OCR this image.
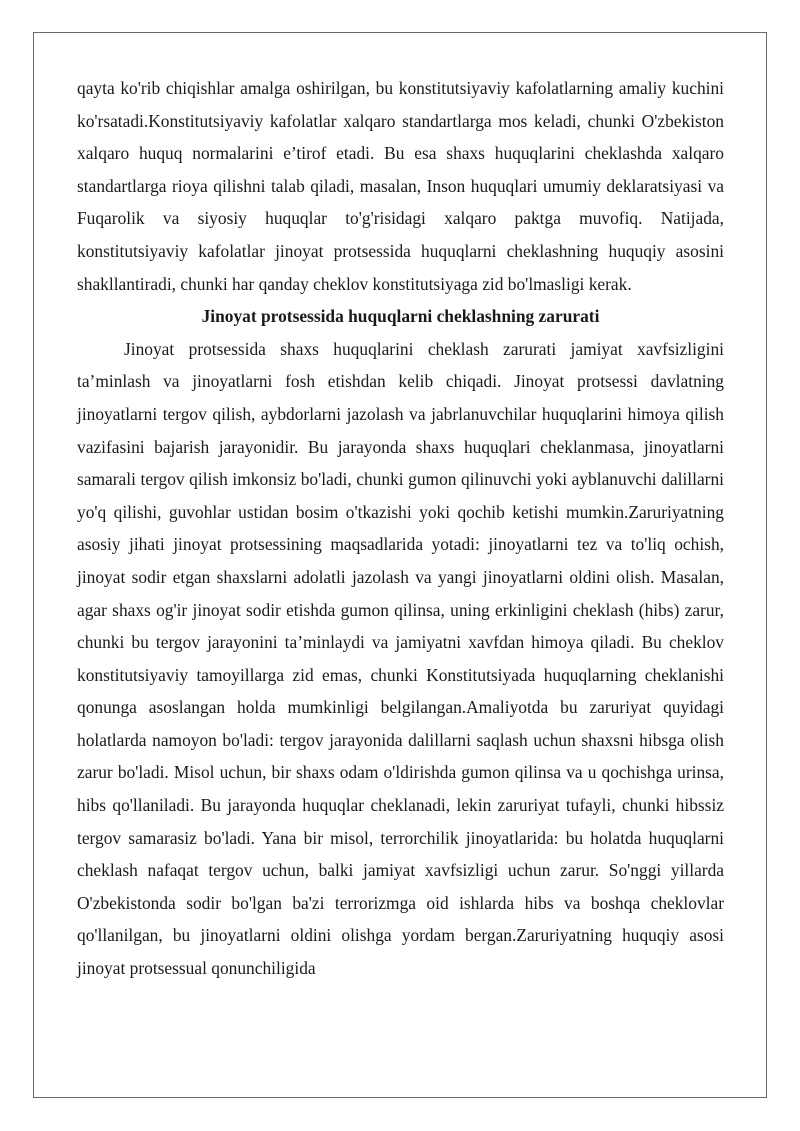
qayta ko'rib chiqishlar amalga oshirilgan, bu konstitutsiyaviy kafolatlarning amaliy kuchini ko'rsatadi.Konstitutsiyaviy kafolatlar xalqaro standartlarga mos keladi, chunki O'zbekiston xalqaro huquq normalarini e’tirof etadi. Bu esa shaxs huquqlarini cheklashda xalqaro standartlarga rioya qilishni talab qiladi, masalan, Inson huquqlari umumiy deklaratsiyasi va Fuqarolik va siyosiy huquqlar to'g'risidagi xalqaro paktga muvofiq. Natijada, konstitutsiyaviy kafolatlar jinoyat protsessida huquqlarni cheklashning huquqiy asosini shakllantiradi, chunki har qanday cheklov konstitutsiyaga zid bo'lmasligi kerak.

Jinoyat protsessida huquqlarni cheklashning zarurati

Jinoyat protsessida shaxs huquqlarini cheklash zarurati jamiyat xavfsizligini ta’minlash va jinoyatlarni fosh etishdan kelib chiqadi. Jinoyat protsessi davlatning jinoyatlarni tergov qilish, aybdorlarni jazolash va jabrlanuvchilar huquqlarini himoya qilish vazifasini bajarish jarayonidir. Bu jarayonda shaxs huquqlari cheklanmasa, jinoyatlarni samarali tergov qilish imkonsiz bo'ladi, chunki gumon qilinuvchi yoki ayblanuvchi dalillarni yo'q qilishi, guvohlar ustidan bosim o'tkazishi yoki qochib ketishi mumkin.Zaruriyatning asosiy jihati jinoyat protsessining maqsadlarida yotadi: jinoyatlarni tez va to'liq ochish, jinoyat sodir etgan shaxslarni adolatli jazolash va yangi jinoyatlarni oldini olish. Masalan, agar shaxs og'ir jinoyat sodir etishda gumon qilinsa, uning erkinligini cheklash (hibs) zarur, chunki bu tergov jarayonini ta’minlaydi va jamiyatni xavfdan himoya qiladi. Bu cheklov konstitutsiyaviy tamoyillarga zid emas, chunki Konstitutsiyada huquqlarning cheklanishi qonunga asoslangan holda mumkinligi belgilangan.Amaliyotda bu zaruriyat quyidagi holatlarda namoyon bo'ladi: tergov jarayonida dalillarni saqlash uchun shaxsni hibsga olish zarur bo'ladi. Misol uchun, bir shaxs odam o'ldirishda gumon qilinsa va u qochishga urinsa, hibs qo'llaniladi. Bu jarayonda huquqlar cheklanadi, lekin zaruriyat tufayli, chunki hibssiz tergov samarasiz bo'ladi. Yana bir misol, terrorchilik jinoyatlarida: bu holatda huquqlarni cheklash nafaqat tergov uchun, balki jamiyat xavfsizligi uchun zarur. So'nggi yillarda O'zbekistonda sodir bo'lgan ba'zi terrorizmga oid ishlarda hibs va boshqa cheklovlar qo'llanilgan, bu jinoyatlarni oldini olishga yordam bergan.Zaruriyatning huquqiy asosi jinoyat protsessual qonunchiligida
